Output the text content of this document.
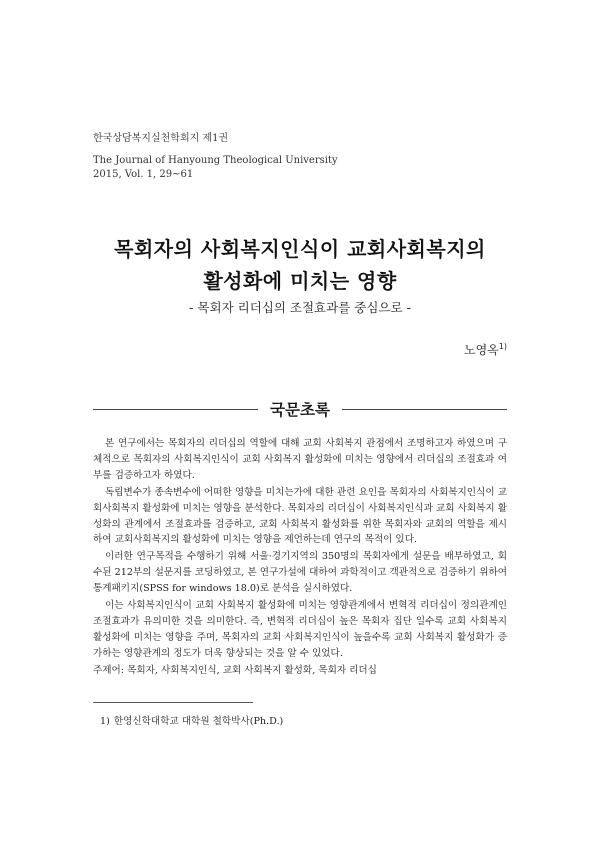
한국상담복지실천학회지 제1권
The Journal of Hanyoung Theological University
2015, Vol. 1, 29~61
목회자의 사회복지인식이 교회사회복지의
활성화에 미치는 영향
- 목회자 리더십의 조절효과를 중심으로 -
노영옥$^{1)}$
국문초록

본 연구에서는 목회자의 리더십의 역할에 대해 교회 사회복지 관점에서 조명하고자 하였으며 구체적으로 목회자의 사회복지인식이 교회 사회복지 활성화에 미치는 영향에서 리더십의 조절효과 여부를 검증하고자 하였다.

독립변수가 종속변수에 어떠한 영향을 미치는가에 대한 관련 요인을 목회자의 사회복지인식이 교회사회복지 활성화에 미치는 영향을 분석한다. 목회자의 리더십이 사회복지인식과 교회 사회복지 활성화의 관계에서 조절효과를 검증하고, 교회 사회복지 활성화를 위한 목회자와 교회의 역할을 제시하여 교회사회복지의 활성화에 미치는 영향을 제언하는데 연구의 목적이 있다.

이러한 연구목적을 수행하기 위해 서울·경기지역의 350명의 목회자에게 설문을 배부하였고, 회수된 212부의 설문지를 코딩하였고, 본 연구가설에 대하여 과학적이고 객관적으로 검증하기 위하여 통계패키지(SPSS for windows 18.0)로 분석을 실시하였다.

이는 사회복지인식이 교회 사회복지 활성화에 미치는 영향관계에서 변혁적 리더십이 정의관계인 조절효과가 유의미한 것을 의미한다. 즉, 변혁적 리더십이 높은 목회자 집단 일수록 교회 사회복지 활성화에 미치는 영향을 주며, 목회자의 교회 사회복지인식이 높을수록 교회 사회복지 활성화가 증가하는 영향관계의 정도가 더욱 향상되는 것을 알 수 있었다.

주제어: 목회자, 사회복지인식, 교회 사회복지 활성화, 목회자 리더십
1) 한영신학대학교 대학원 철학박사(Ph.D.)
